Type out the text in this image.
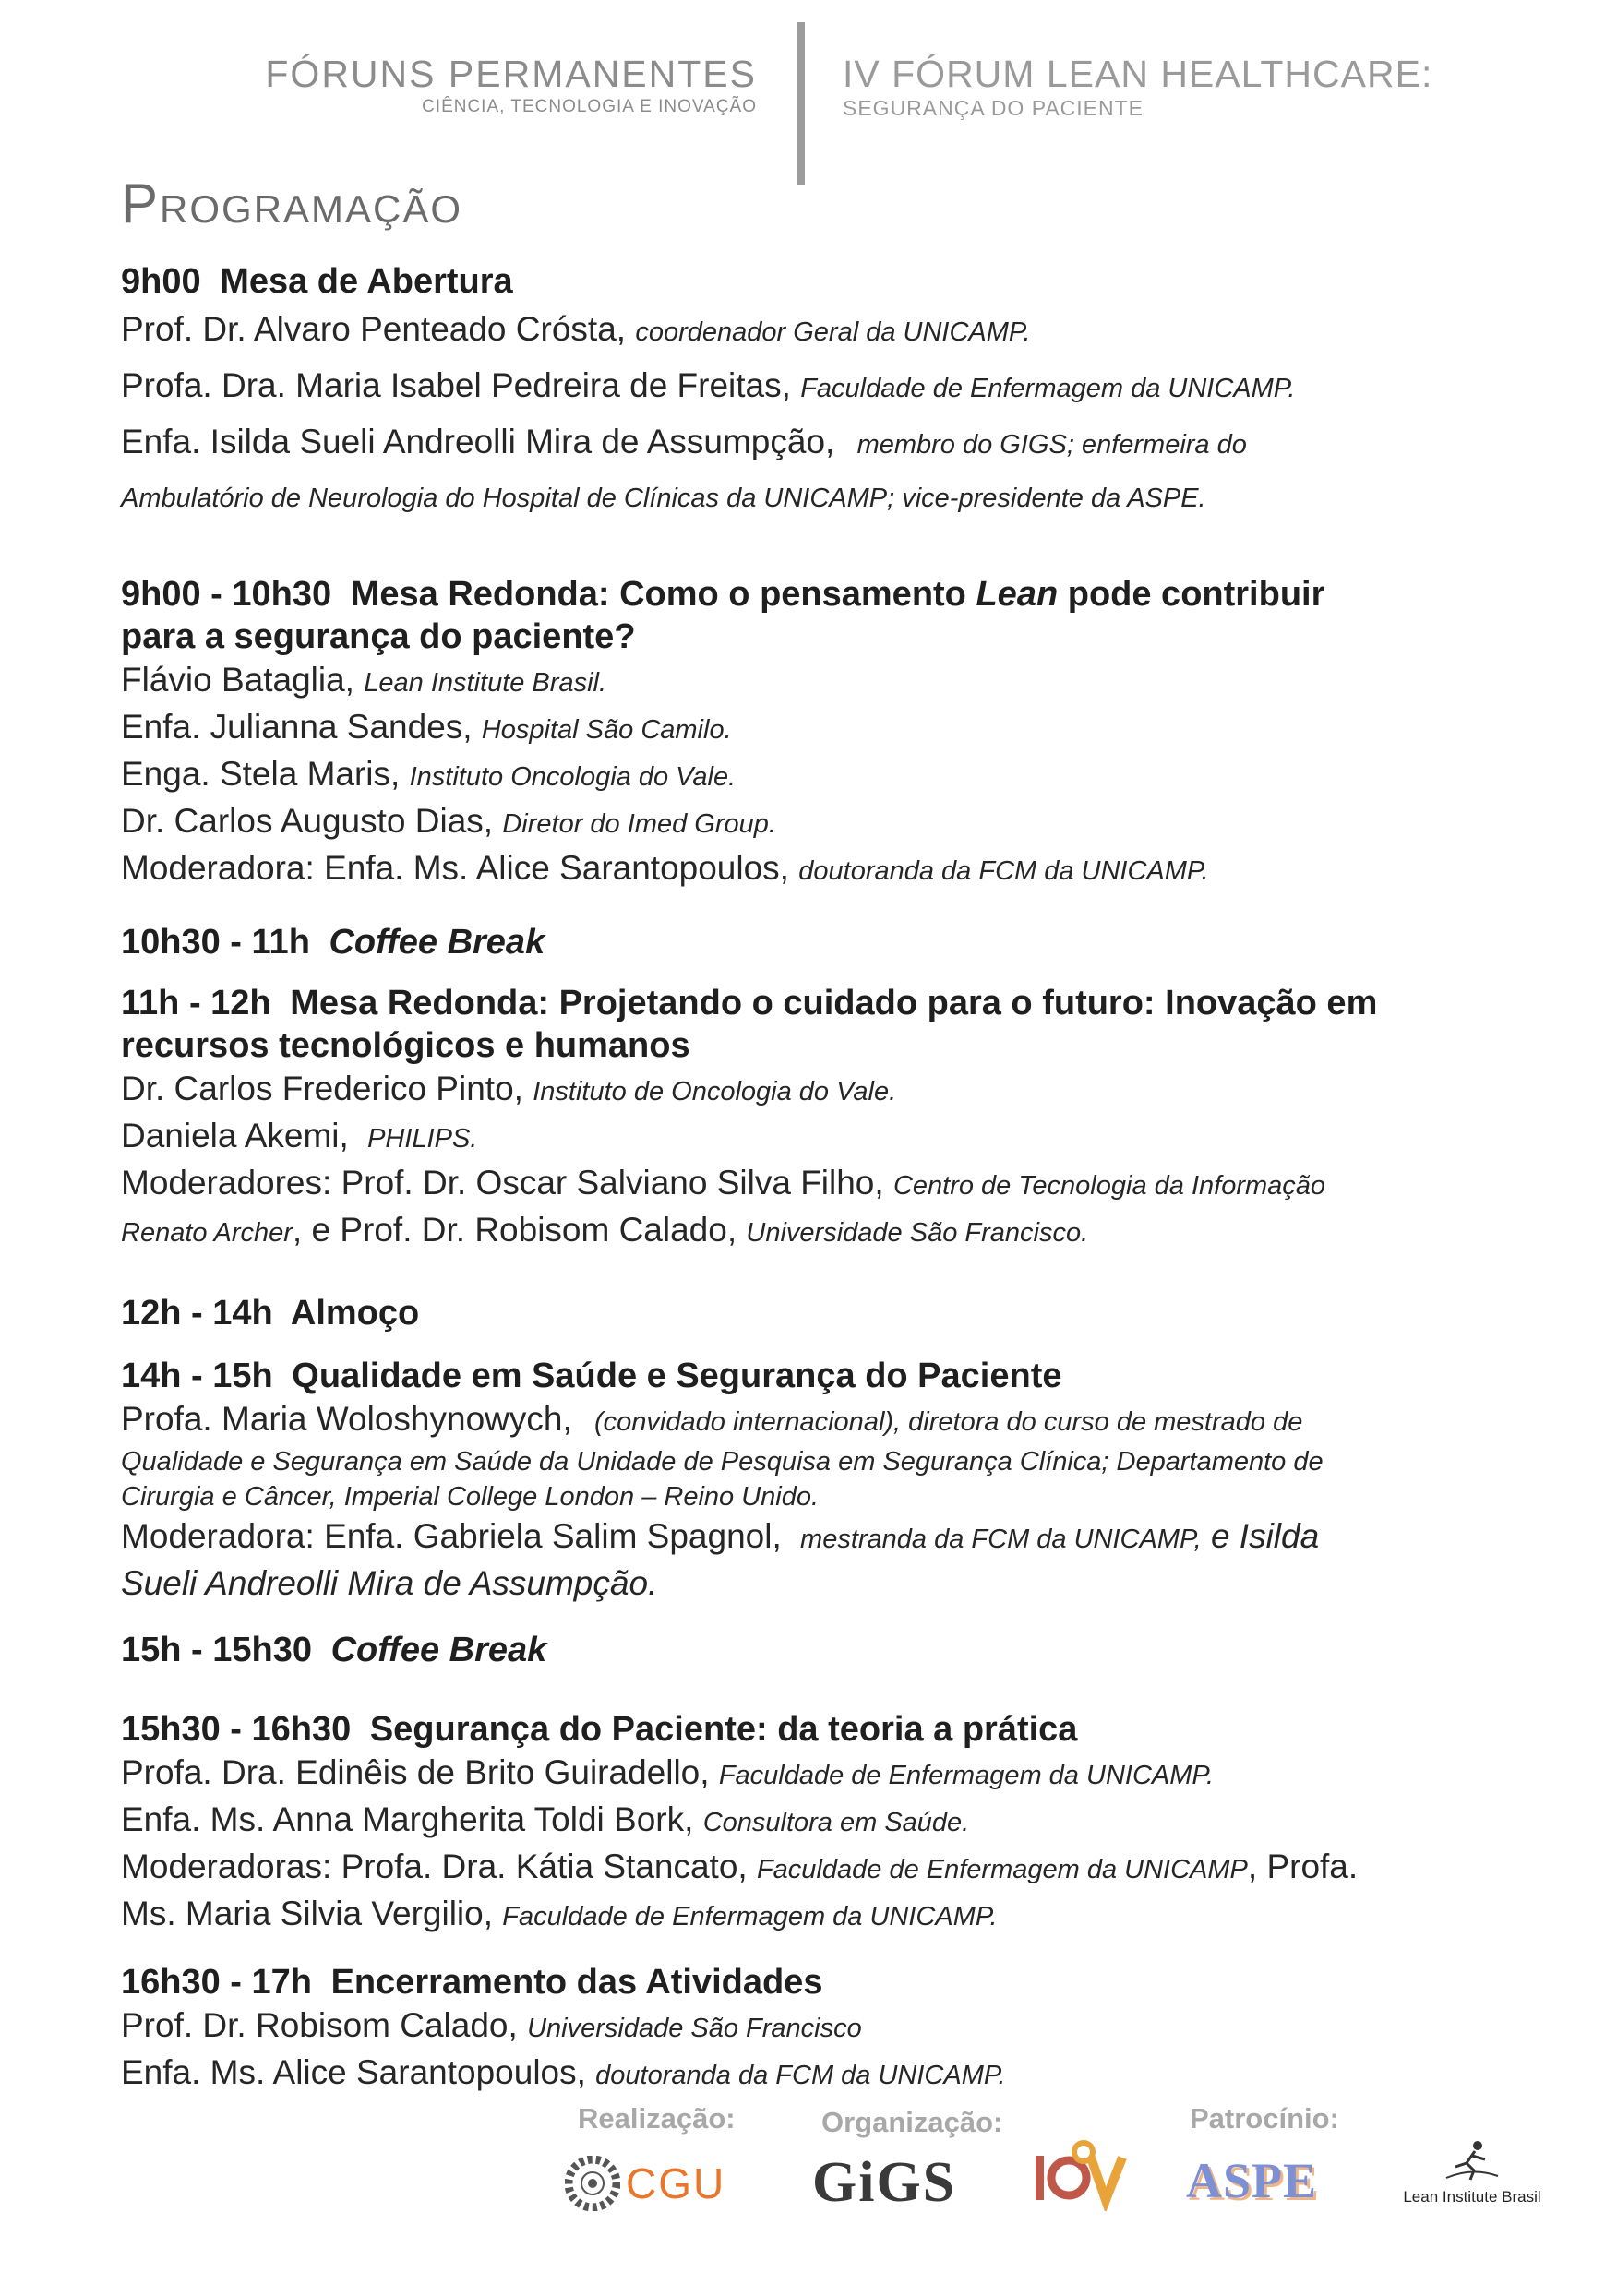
FÓRUNS PERMANENTES
CIÊNCIA, TECNOLOGIA E INOVAÇÃO
IV FÓRUM LEAN HEALTHCARE:
SEGURANÇA DO PACIENTE
Programação
9h00 Mesa de Abertura
Prof. Dr. Alvaro Penteado Crósta, coordenador Geral da UNICAMP.
Profa. Dra. Maria Isabel Pedreira de Freitas, Faculdade de Enfermagem da UNICAMP.
Enfa. Isilda Sueli Andreolli Mira de Assumpção, membro do GIGS; enfermeira do
Ambulatório de Neurologia do Hospital de Clínicas da UNICAMP; vice-presidente da ASPE.
9h00 - 10h30 Mesa Redonda: Como o pensamento Lean pode contribuir
para a segurança do paciente?
Flávio Bataglia, Lean Institute Brasil.
Enfa. Julianna Sandes, Hospital São Camilo.
Enga. Stela Maris, Instituto Oncologia do Vale.
Dr. Carlos Augusto Dias, Diretor do Imed Group.
Moderadora: Enfa. Ms. Alice Sarantopoulos, doutoranda da FCM da UNICAMP.
10h30 - 11h Coffee Break
11h - 12h Mesa Redonda: Projetando o cuidado para o futuro: Inovação em
recursos tecnológicos e humanos
Dr. Carlos Frederico Pinto, Instituto de Oncologia do Vale.
Daniela Akemi, PHILIPS.
Moderadores: Prof. Dr. Oscar Salviano Silva Filho, Centro de Tecnologia da Informação
Renato Archer, e Prof. Dr. Robisom Calado, Universidade São Francisco.
12h - 14h Almoço
14h - 15h Qualidade em Saúde e Segurança do Paciente
Profa. Maria Woloshynowych, (convidado internacional), diretora do curso de mestrado de
Qualidade e Segurança em Saúde da Unidade de Pesquisa em Segurança Clínica; Departamento de
Cirurgia e Câncer, Imperial College London – Reino Unido.
Moderadora: Enfa. Gabriela Salim Spagnol, mestranda da FCM da UNICAMP, e Isilda
Sueli Andreolli Mira de Assumpção.
15h - 15h30 Coffee Break
15h30 - 16h30 Segurança do Paciente: da teoria a prática
Profa. Dra. Edinêis de Brito Guiradello, Faculdade de Enfermagem da UNICAMP.
Enfa. Ms. Anna Margherita Toldi Bork, Consultora em Saúde.
Moderadoras: Profa. Dra. Kátia Stancato, Faculdade de Enfermagem da UNICAMP, Profa.
Ms. Maria Silvia Vergilio, Faculdade de Enfermagem da UNICAMP.
16h30 - 17h Encerramento das Atividades
Prof. Dr. Robisom Calado, Universidade São Francisco
Enfa. Ms. Alice Sarantopoulos, doutoranda da FCM da UNICAMP.
Realização:	Organização:	Patrocínio:
CGU GiGS	ASPE	Lean Institute Brasil
